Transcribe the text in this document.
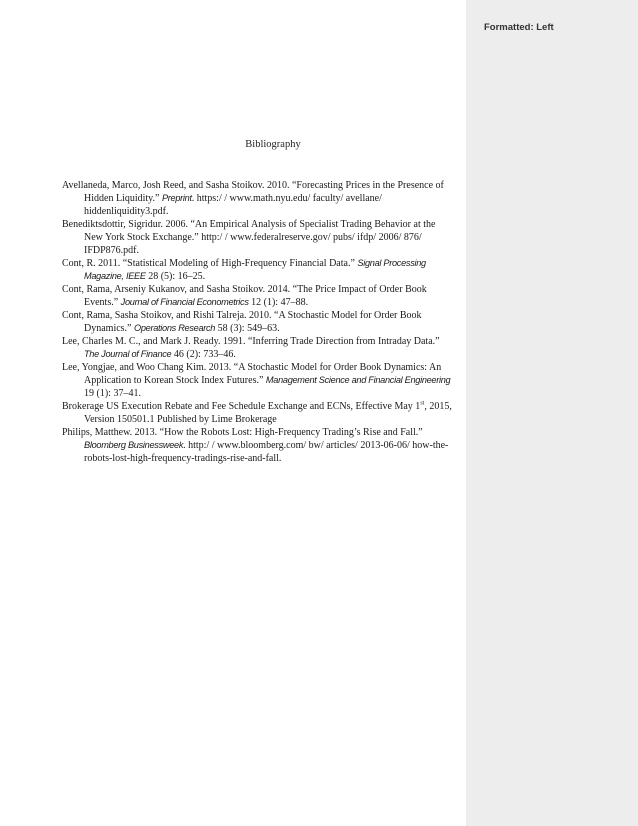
Bibliography

Avellaneda, Marco, Josh Reed, and Sasha Stoikov. 2010. “Forecasting Prices in the Presence of Hidden Liquidity.” Preprint. https:/ / www.math.nyu.edu/ faculty/ avellane/ hiddenliquidity3.pdf.

Benediktsdottir, Sigridur. 2006. “An Empirical Analysis of Specialist Trading Behavior at the New York Stock Exchange.” http:/ / www.federalreserve.gov/ pubs/ ifdp/ 2006/ 876/ IFDP876.pdf.

Cont, R. 2011. “Statistical Modeling of High-Frequency Financial Data.” Signal Processing Magazine, IEEE 28 (5): 16–25.

Cont, Rama, Arseniy Kukanov, and Sasha Stoikov. 2014. “The Price Impact of Order Book Events.” Journal of Financial Econometrics 12 (1): 47–88.

Cont, Rama, Sasha Stoikov, and Rishi Talreja. 2010. “A Stochastic Model for Order Book Dynamics.” Operations Research 58 (3): 549–63.

Lee, Charles M. C., and Mark J. Ready. 1991. “Inferring Trade Direction from Intraday Data.” The Journal of Finance 46 (2): 733–46.

Lee, Yongjae, and Woo Chang Kim. 2013. “A Stochastic Model for Order Book Dynamics: An Application to Korean Stock Index Futures.” Management Science and Financial Engineering 19 (1): 37–41.

Brokerage US Execution Rebate and Fee Schedule Exchange and ECNs, Effective May 1st, 2015, Version 150501.1 Published by Lime Brokerage

Philips, Matthew. 2013. “How the Robots Lost: High-Frequency Trading’s Rise and Fall.” Bloomberg Businessweek. http:/ / www.bloomberg.com/ bw/ articles/ 2013-06-06/ how-the-robots-lost-high-frequency-tradings-rise-and-fall.

Formatted: Left
